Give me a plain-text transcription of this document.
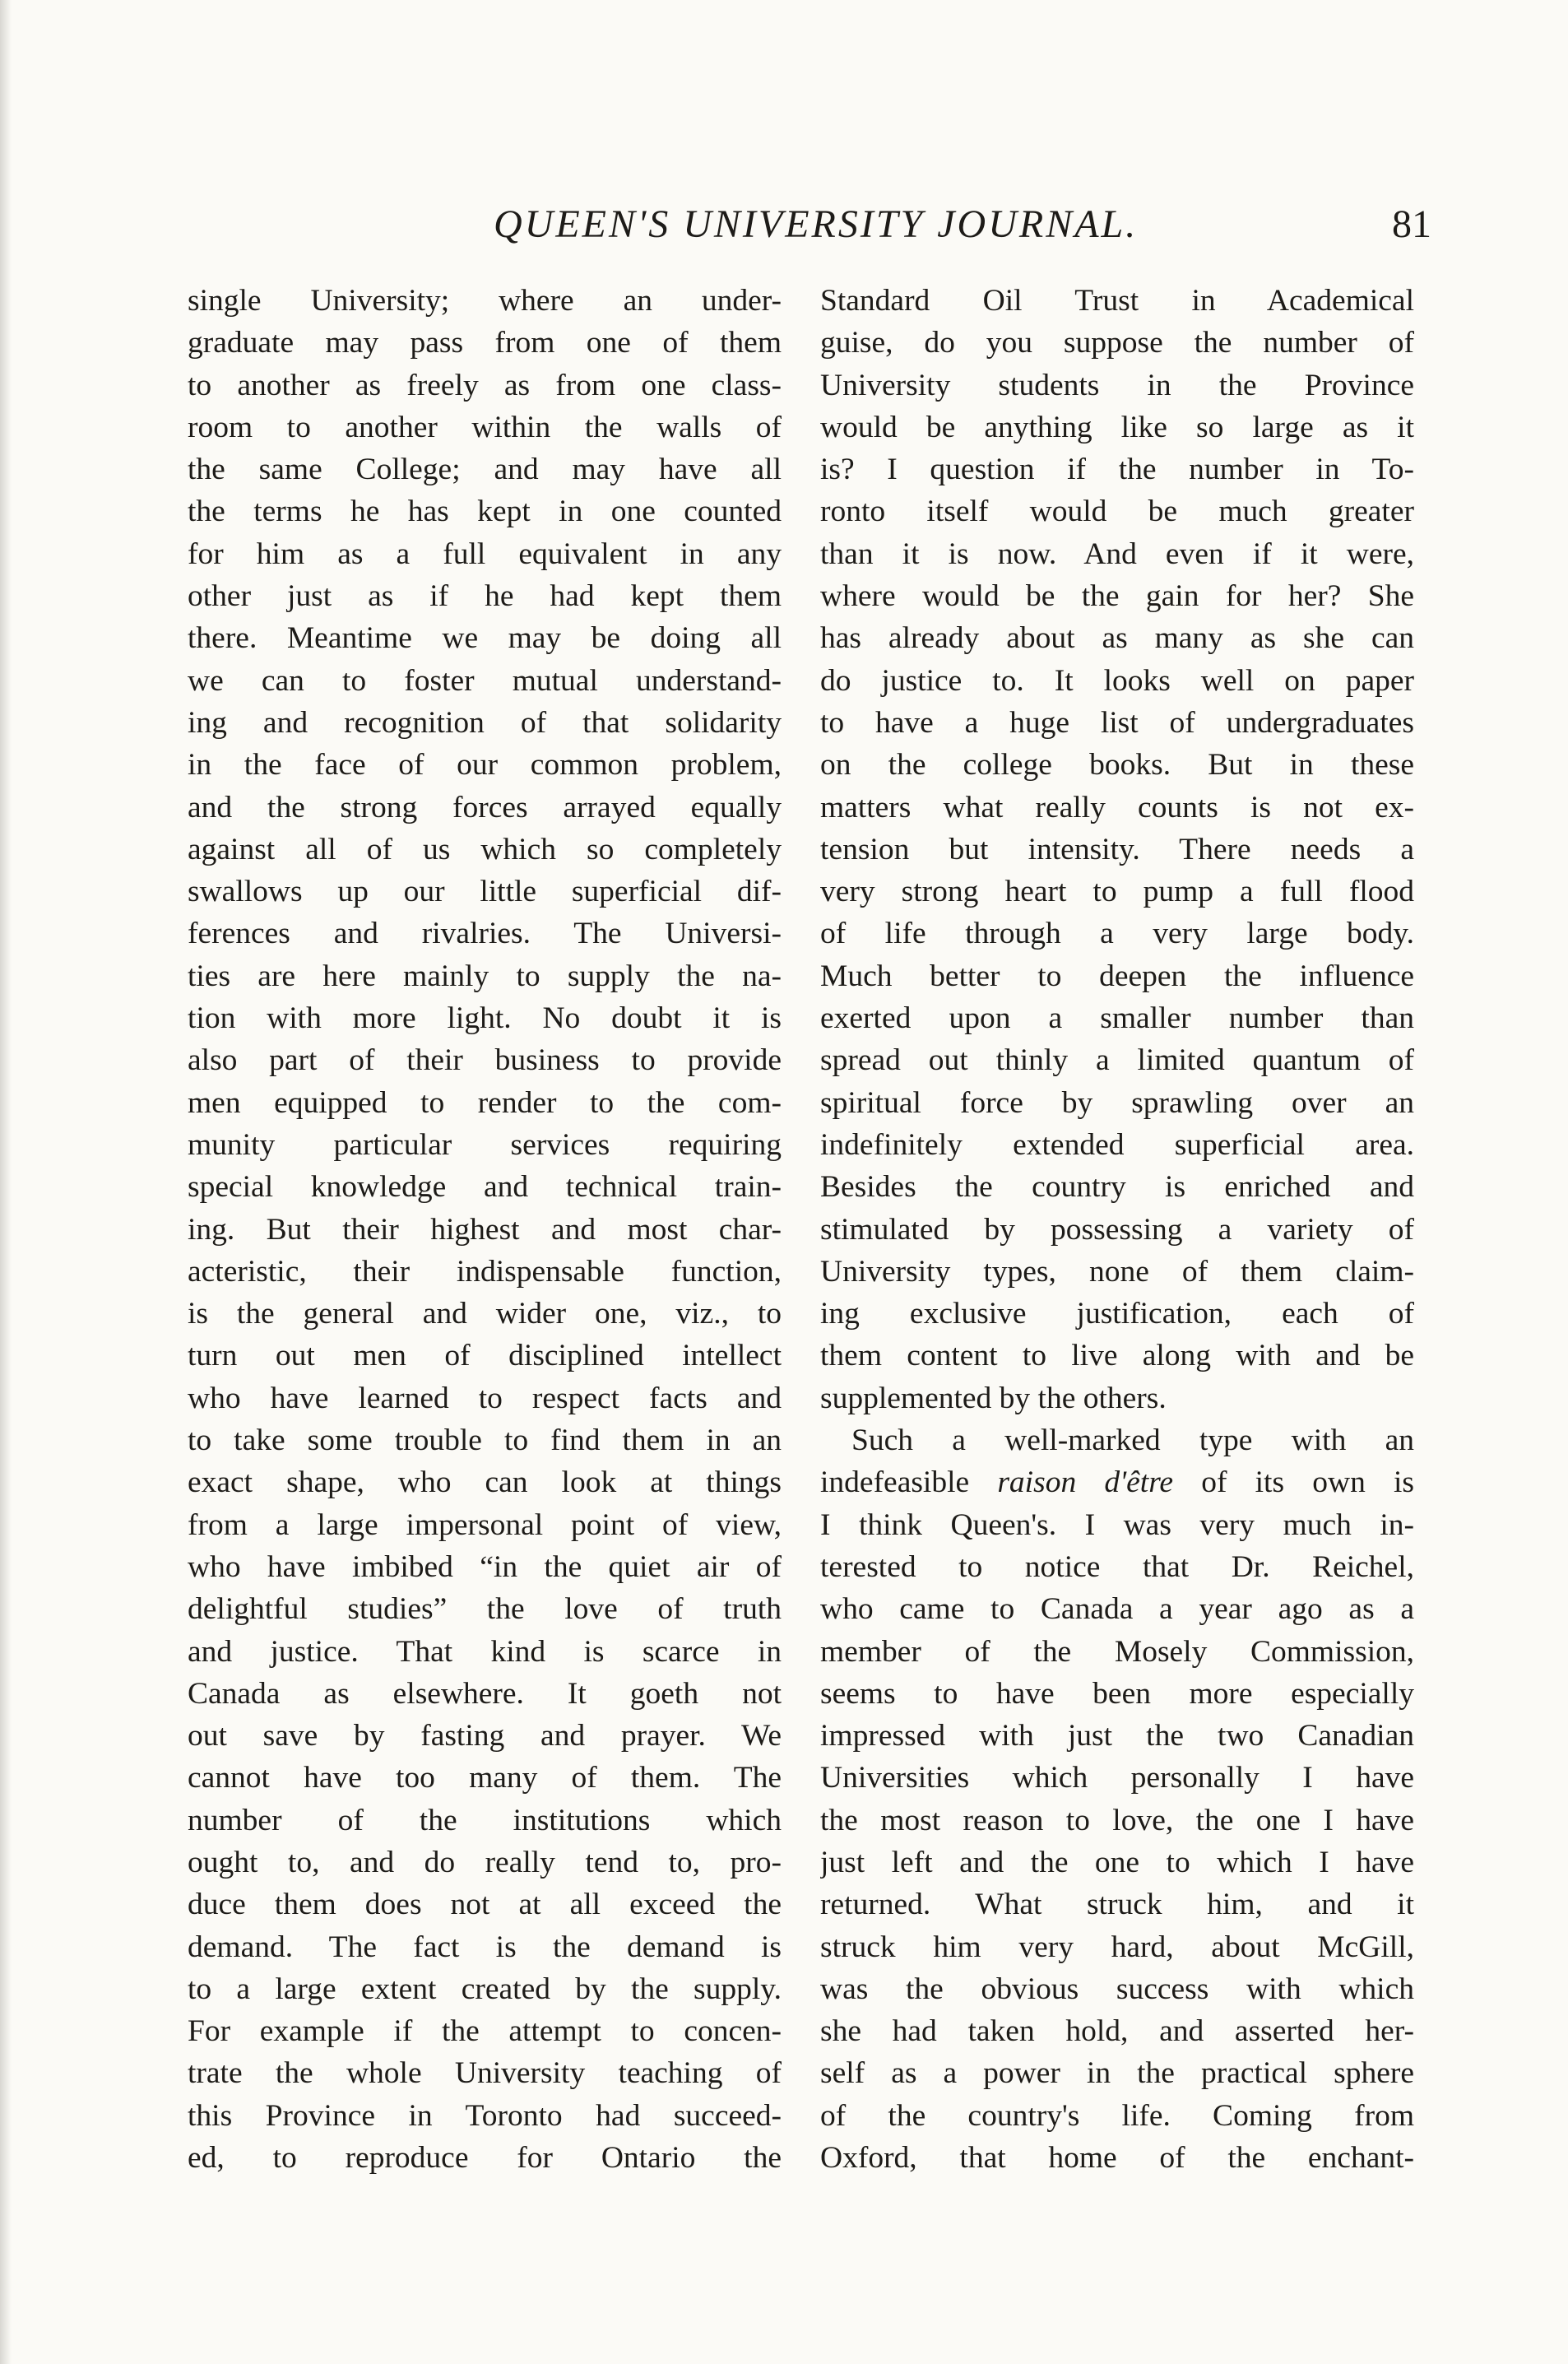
QUEEN'S UNIVERSITY JOURNAL.	81
single University; where an under-
graduate may pass from one of them
to another as freely as from one class-
room to another within the walls of
the same College; and may have all
the terms he has kept in one counted
for him as a full equivalent in any
other just as if he had kept them
there. Meantime we may be doing all
we can to foster mutual understand-
ing and recognition of that solidarity
in the face of our common problem,
and the strong forces arrayed equally
against all of us which so completely
swallows up our little superficial dif-
ferences and rivalries. The Universi-
ties are here mainly to supply the na-
tion with more light. No doubt it is
also part of their business to provide
men equipped to render to the com-
munity particular services requiring
special knowledge and technical train-
ing. But their highest and most char-
acteristic, their indispensable function,
is the general and wider one, viz., to
turn out men of disciplined intellect
who have learned to respect facts and
to take some trouble to find them in an
exact shape, who can look at things
from a large impersonal point of view,
who have imbibed “in the quiet air of
delightful studies” the love of truth
and justice. That kind is scarce in
Canada as elsewhere. It goeth not
out save by fasting and prayer. We
cannot have too many of them. The
number of the institutions which
ought to, and do really tend to, pro-
duce them does not at all exceed the
demand. The fact is the demand is
to a large extent created by the supply.
For example if the attempt to concen-
trate the whole University teaching of
this Province in Toronto had succeed-
ed, to reproduce for Ontario the
Standard Oil Trust in Academical
guise, do you suppose the number of
University students in the Province
would be anything like so large as it
is? I question if the number in To-
ronto itself would be much greater
than it is now. And even if it were,
where would be the gain for her? She
has already about as many as she can
do justice to. It looks well on paper
to have a huge list of undergraduates
on the college books. But in these
matters what really counts is not ex-
tension but intensity. There needs a
very strong heart to pump a full flood
of life through a very large body.
Much better to deepen the influence
exerted upon a smaller number than
spread out thinly a limited quantum of
spiritual force by sprawling over an
indefinitely extended superficial area.
Besides the country is enriched and
stimulated by possessing a variety of
University types, none of them claim-
ing exclusive justification, each of
them content to live along with and be
supplemented by the others.
Such a well-marked type with an
indefeasible raison d'être of its own is
I think Queen's. I was very much in-
terested to notice that Dr. Reichel,
who came to Canada a year ago as a
member of the Mosely Commission,
seems to have been more especially
impressed with just the two Canadian
Universities which personally I have
the most reason to love, the one I have
just left and the one to which I have
returned. What struck him, and it
struck him very hard, about McGill,
was the obvious success with which
she had taken hold, and asserted her-
self as a power in the practical sphere
of the country's life. Coming from
Oxford, that home of the enchant-
